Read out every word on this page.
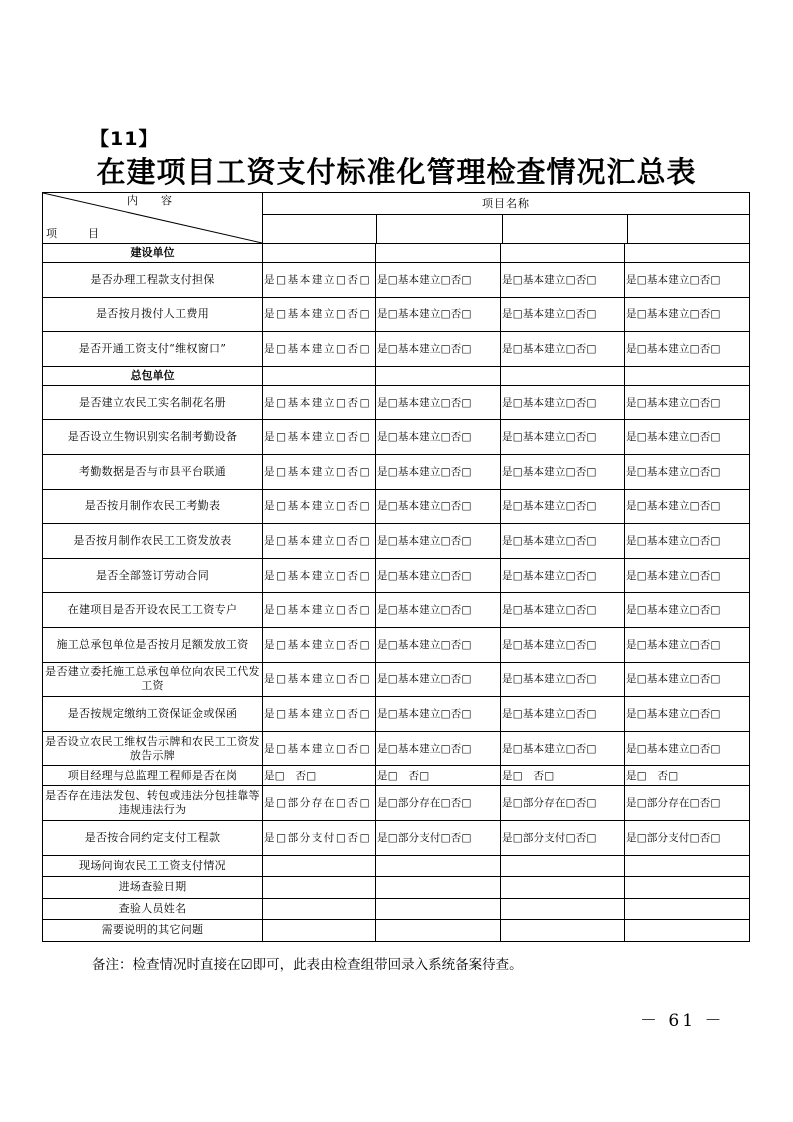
【11】
在建项目工资支付标准化管理检查情况汇总表
内　容
项　目	项目名称			

建设单位				
是否办理工程款支付担保	是□基本建立□否□	是□基本建立□否□	是□基本建立□否□	是□基本建立□否□
是否按月拨付人工费用	是□基本建立□否□	是□基本建立□否□	是□基本建立□否□	是□基本建立□否□
是否开通工资支付“维权窗口”	是□基本建立□否□	是□基本建立□否□	是□基本建立□否□	是□基本建立□否□
总包单位				
是否建立农民工实名制花名册	是□基本建立□否□	是□基本建立□否□	是□基本建立□否□	是□基本建立□否□
是否设立生物识别实名制考勤设备	是□基本建立□否□	是□基本建立□否□	是□基本建立□否□	是□基本建立□否□
考勤数据是否与市县平台联通	是□基本建立□否□	是□基本建立□否□	是□基本建立□否□	是□基本建立□否□
是否按月制作农民工考勤表	是□基本建立□否□	是□基本建立□否□	是□基本建立□否□	是□基本建立□否□
是否按月制作农民工工资发放表	是□基本建立□否□	是□基本建立□否□	是□基本建立□否□	是□基本建立□否□
是否全部签订劳动合同	是□基本建立□否□	是□基本建立□否□	是□基本建立□否□	是□基本建立□否□
在建项目是否开设农民工工资专户	是□基本建立□否□	是□基本建立□否□	是□基本建立□否□	是□基本建立□否□
施工总承包单位是否按月足额发放工资	是□基本建立□否□	是□基本建立□否□	是□基本建立□否□	是□基本建立□否□
是否建立委托施工总承包单位向农民工代发工资	是□基本建立□否□	是□基本建立□否□	是□基本建立□否□	是□基本建立□否□
是否按规定缴纳工资保证金或保函	是□基本建立□否□	是□基本建立□否□	是□基本建立□否□	是□基本建立□否□
是否设立农民工维权告示牌和农民工工资发放告示牌	是□基本建立□否□	是□基本建立□否□	是□基本建立□否□	是□基本建立□否□
项目经理与总监理工程师是否在岗	是□　否□	是□　否□	是□　否□	是□　否□
是否存在违法发包、转包或违法分包挂靠等违规违法行为	是□部分存在□否□	是□部分存在□否□	是□部分存在□否□	是□部分存在□否□
是否按合同约定支付工程款	是□部分支付□否□	是□部分支付□否□	是□部分支付□否□	是□部分支付□否□
现场问询农民工工资支付情况				
进场查验日期				
查验人员姓名				
需要说明的其它问题				
备注：检查情况时直接在☑即可，此表由检查组带回录入系统备案待查。
－ 61 －
